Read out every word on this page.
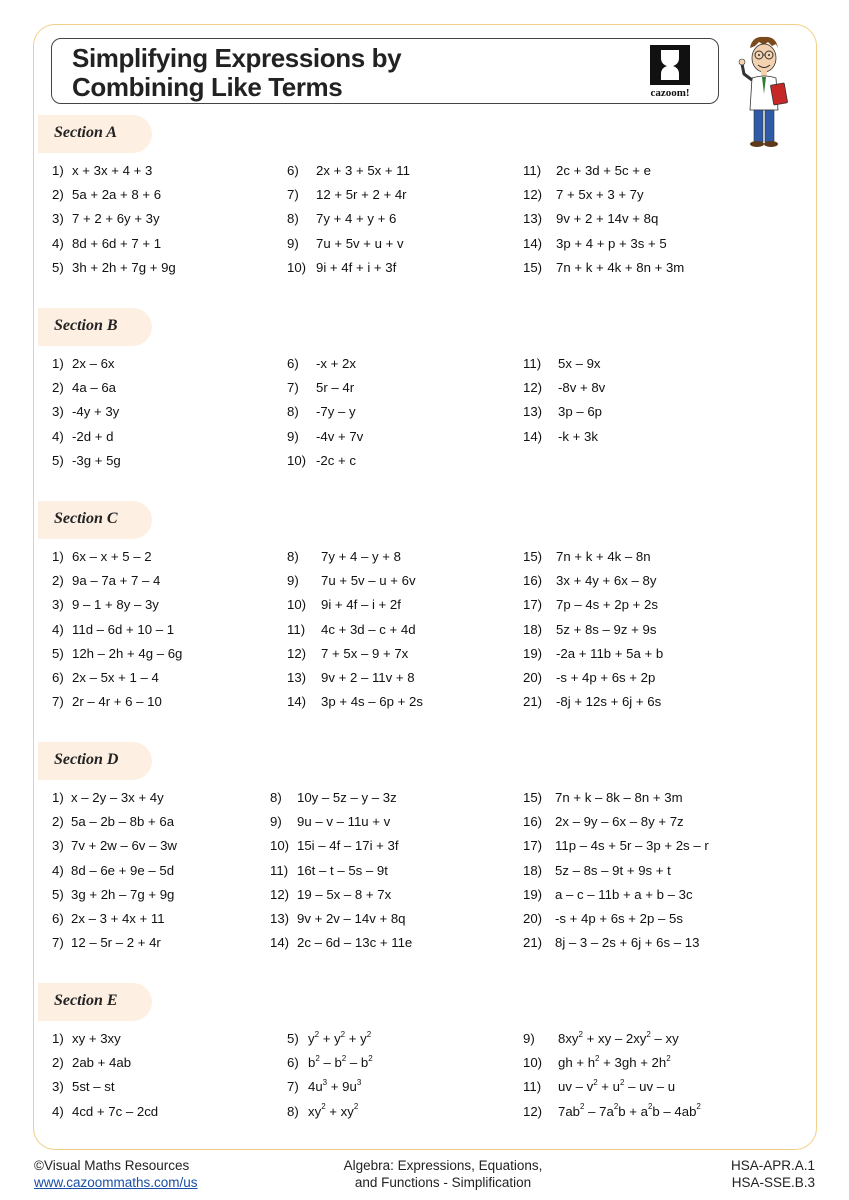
Simplifying Expressions by
Combining Like Terms	cazoom!
Section A
1) x + 3x + 4 + 3
2) 5a + 2a + 8 + 6
3) 7 + 2 + 6y + 3y
4) 8d + 6d + 7 + 1
5) 3h + 2h + 7g + 9g
6) 2x + 3 + 5x + 11
7) 12 + 5r + 2 + 4r
8) 7y + 4 + y + 6
9) 7u + 5v + u + v
10) 9i + 4f + i + 3f
11) 2c + 3d + 5c + e
12) 7 + 5x + 3 + 7y
13) 9v + 2 + 14v + 8q
14) 3p + 4 + p + 3s + 5
15) 7n + k + 4k + 8n + 3m
Section B
1) 2x – 6x
2) 4a – 6a
3) -4y + 3y
4) -2d + d
5) -3g + 5g
6) -x + 2x
7) 5r – 4r
8) -7y – y
9) -4v + 7v
10) -2c + c
11) 5x – 9x
12) -8v + 8v
13) 3p – 6p
14) -k + 3k
Section C
1) 6x – x + 5 – 2
2) 9a – 7a + 7 – 4
3) 9 – 1 + 8y – 3y
4) 11d – 6d + 10 – 1
5) 12h – 2h + 4g – 6g
6) 2x – 5x + 1 – 4
7) 2r – 4r + 6 – 10
8) 7y + 4 – y + 8
9) 7u + 5v – u + 6v
10) 9i + 4f – i + 2f
11) 4c + 3d – c + 4d
12) 7 + 5x – 9 + 7x
13) 9v + 2 – 11v + 8
14) 3p + 4s – 6p + 2s
15) 7n + k + 4k – 8n
16) 3x + 4y + 6x – 8y
17) 7p – 4s + 2p + 2s
18) 5z + 8s – 9z + 9s
19) -2a + 11b + 5a + b
20) -s + 4p + 6s + 2p
21) -8j + 12s + 6j + 6s
Section D
1) x – 2y – 3x + 4y
2) 5a – 2b – 8b + 6a
3) 7v + 2w – 6v – 3w
4) 8d – 6e + 9e – 5d
5) 3g + 2h – 7g + 9g
6) 2x – 3 + 4x + 11
7) 12 – 5r – 2 + 4r
8) 10y – 5z – y – 3z
9) 9u – v – 11u + v
10) 15i – 4f – 17i + 3f
11) 16t – t – 5s – 9t
12) 19 – 5x – 8 + 7x
13) 9v + 2v – 14v + 8q
14) 2c – 6d – 13c + 11e
15) 7n + k – 8k – 8n + 3m
16) 2x – 9y – 6x – 8y + 7z
17) 11p – 4s + 5r – 3p + 2s – r
18) 5z – 8s – 9t + 9s + t
19) a – c – 11b + a + b – 3c
20) -s + 4p + 6s + 2p – 5s
21) 8j – 3 – 2s + 6j + 6s – 13
Section E
1) xy + 3xy
2) 2ab + 4ab
3) 5st – st
4) 4cd + 7c – 2cd
5) $y^2 + y^2 + y^2$
6) $b^2 - b^2 - b^2$
7) $4u^3 + 9u^3$
8) $xy^2 + xy^2$
9) $8xy^2$ + xy – $2xy^2$ – xy
10) gh + $h^2 + 3gh + 2h^2$
11) uv – $v^2 + u^2$ – uv – u
12) $7ab^2 - 7a^2b + a^2b - 4ab^2$
©Visual Maths Resources
www.cazoommaths.com/us
Algebra: Expressions, Equations,
and Functions - Simplification
HSA-APR.A.1
HSA-SSE.B.3
